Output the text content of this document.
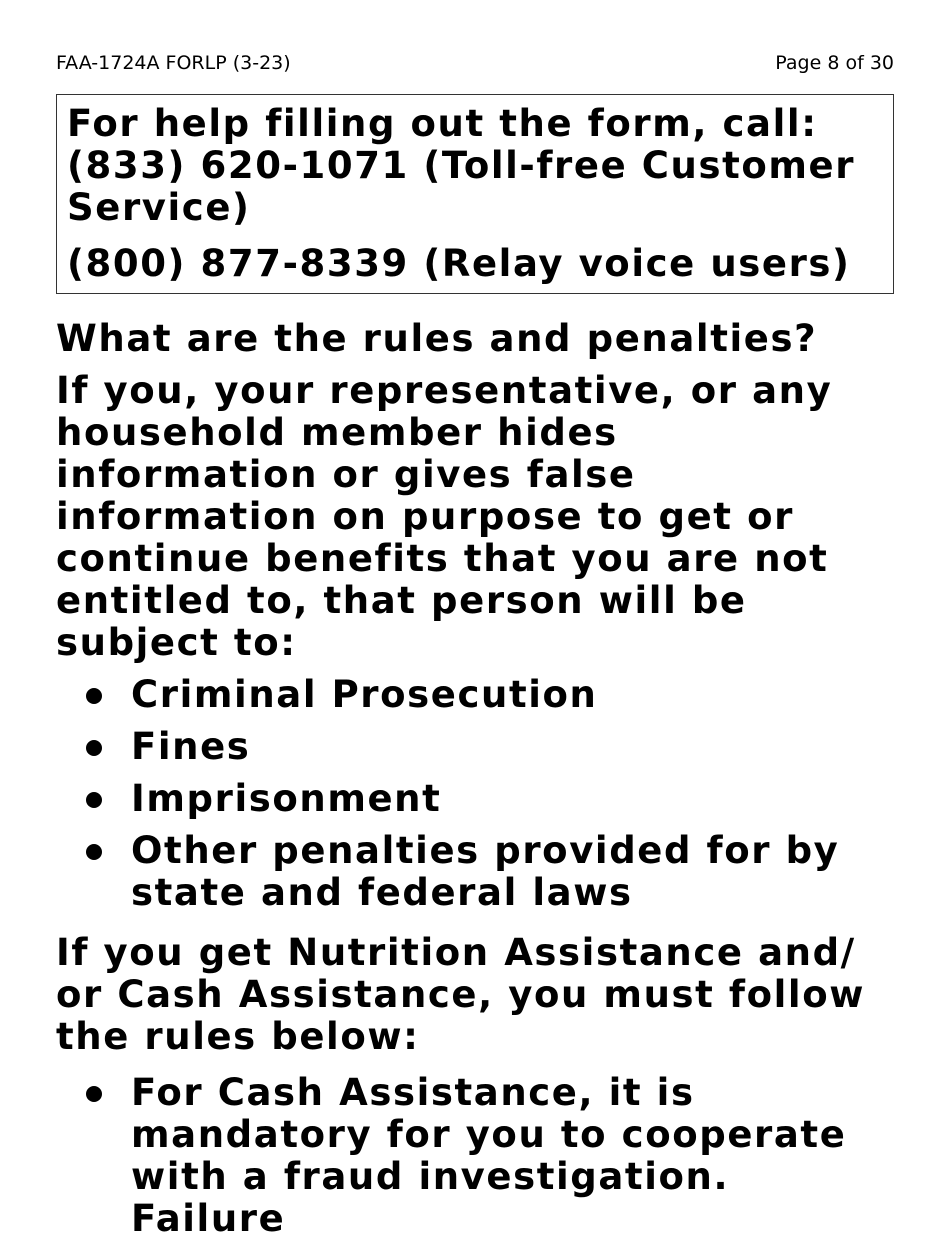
FAA-1724A FORLP (3-23)	Page 8 of 30

For help filling out the form, call: (833) 620-1071 (Toll-free Customer Service)

(800) 877-8339 (Relay voice users)

What are the rules and penalties?

If you, your representative, or any household member hides information or gives false information on purpose to get or continue benefits that you are not entitled to, that person will be subject to:

Criminal Prosecution
Fines
Imprisonment
Other penalties provided for by state and federal laws

If you get Nutrition Assistance and/ or Cash Assistance, you must follow the rules below:

For Cash Assistance, it is mandatory for you to cooperate with a fraud investigation. Failure
